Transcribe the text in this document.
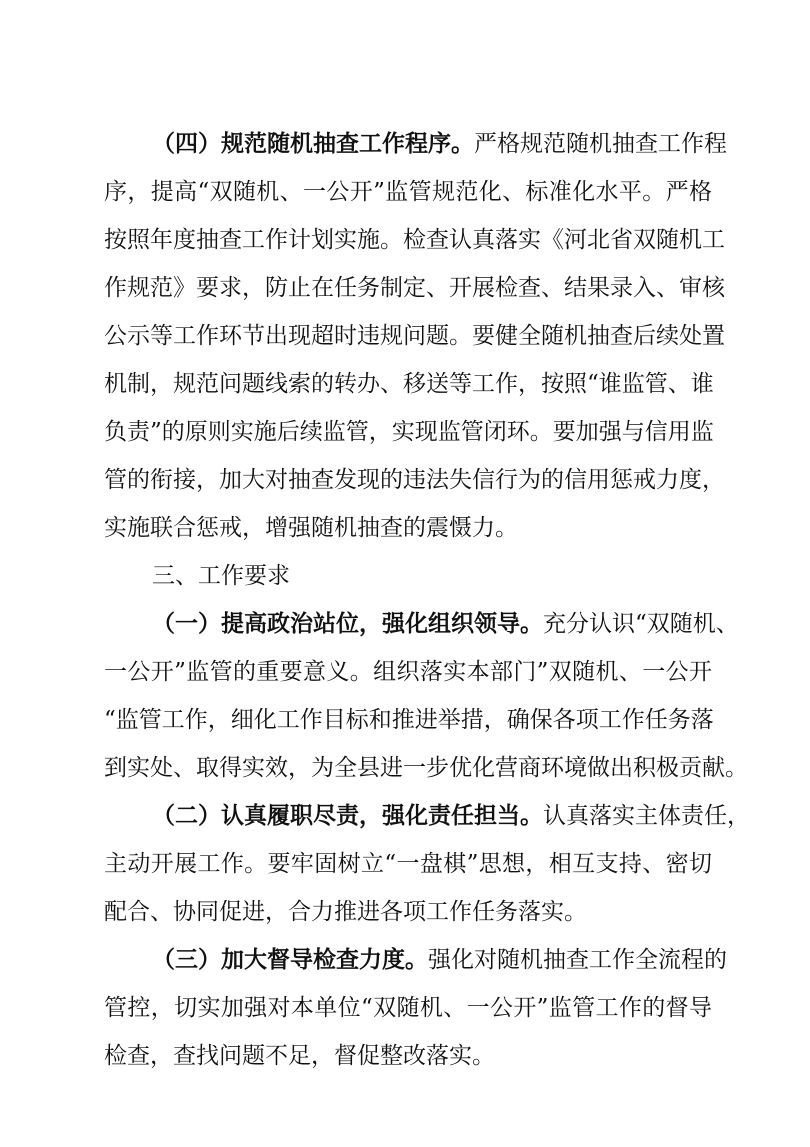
（四）规范随机抽查工作程序。严格规范随机抽查工作程
序，提高“双随机、一公开”监管规范化、标准化水平。严格
按照年度抽查工作计划实施。检查认真落实《河北省双随机工
作规范》要求，防止在任务制定、开展检查、结果录入、审核
公示等工作环节出现超时违规问题。要健全随机抽查后续处置
机制，规范问题线索的转办、移送等工作，按照“谁监管、谁
负责”的原则实施后续监管，实现监管闭环。要加强与信用监
管的衔接，加大对抽查发现的违法失信行为的信用惩戒力度，
实施联合惩戒，增强随机抽查的震慑力。
三、工作要求
（一）提高政治站位，强化组织领导。充分认识“双随机、
一公开”监管的重要意义。组织落实本部门”双随机、一公开
“监管工作，细化工作目标和推进举措，确保各项工作任务落
到实处、取得实效，为全县进一步优化营商环境做出积极贡献。
（二）认真履职尽责，强化责任担当。认真落实主体责任，
主动开展工作。要牢固树立“一盘棋”思想，相互支持、密切
配合、协同促进，合力推进各项工作任务落实。
（三）加大督导检查力度。强化对随机抽查工作全流程的
管控，切实加强对本单位“双随机、一公开”监管工作的督导
检查，查找问题不足，督促整改落实。
